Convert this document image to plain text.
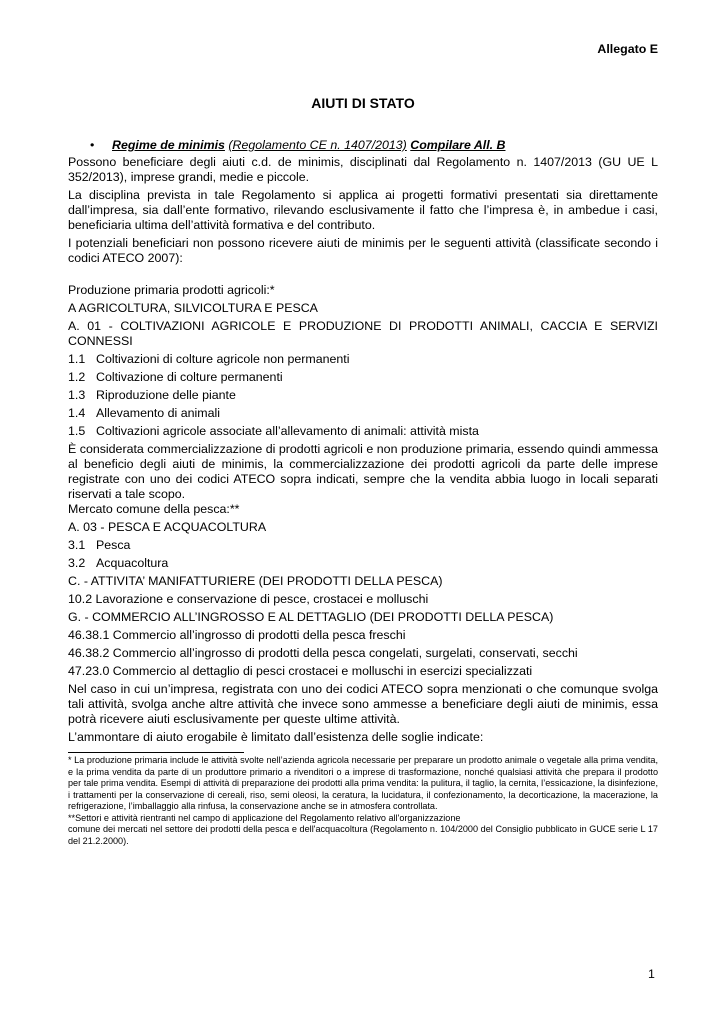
Allegato E
AIUTI DI STATO
• Regime de minimis (Regolamento CE n. 1407/2013) Compilare All. B

Possono beneficiare degli aiuti c.d. de minimis, disciplinati dal Regolamento n. 1407/2013 (GU UE L 352/2013), imprese grandi, medie e piccole.

La disciplina prevista in tale Regolamento si applica ai progetti formativi presentati sia direttamente dall’impresa, sia dall’ente formativo, rilevando esclusivamente il fatto che l’impresa è, in ambedue i casi, beneficiaria ultima dell’attività formativa e del contributo.

I potenziali beneficiari non possono ricevere aiuti de minimis per le seguenti attività (classificate secondo i codici ATECO 2007):

Produzione primaria prodotti agricoli:*

A AGRICOLTURA, SILVICOLTURA E PESCA

A. 01 - COLTIVAZIONI AGRICOLE E PRODUZIONE DI PRODOTTI ANIMALI, CACCIA E SERVIZI CONNESSI

1.1 Coltivazioni di colture agricole non permanenti

1.2 Coltivazione di colture permanenti

1.3 Riproduzione delle piante

1.4 Allevamento di animali

1.5 Coltivazioni agricole associate all’allevamento di animali: attività mista

È considerata commercializzazione di prodotti agricoli e non produzione primaria, essendo quindi ammessa al beneficio degli aiuti de minimis, la commercializzazione dei prodotti agricoli da parte delle imprese registrate con uno dei codici ATECO sopra indicati, sempre che la vendita abbia luogo in locali separati riservati a tale scopo.

Mercato comune della pesca:**

A. 03 - PESCA E ACQUACOLTURA

3.1 Pesca

3.2 Acquacoltura

C. - ATTIVITA’ MANIFATTURIERE (DEI PRODOTTI DELLA PESCA)

10.2 Lavorazione e conservazione di pesce, crostacei e molluschi

G. - COMMERCIO ALL’INGROSSO E AL DETTAGLIO (DEI PRODOTTI DELLA PESCA)

46.38.1 Commercio all’ingrosso di prodotti della pesca freschi

46.38.2 Commercio all’ingrosso di prodotti della pesca congelati, surgelati, conservati, secchi

47.23.0 Commercio al dettaglio di pesci crostacei e molluschi in esercizi specializzati

Nel caso in cui un’impresa, registrata con uno dei codici ATECO sopra menzionati o che comunque svolga tali attività, svolga anche altre attività che invece sono ammesse a beneficiare degli aiuti de minimis, essa potrà ricevere aiuti esclusivamente per queste ultime attività.

L’ammontare di aiuto erogabile è limitato dall’esistenza delle soglie indicate:

* La produzione primaria include le attività svolte nell’azienda agricola necessarie per preparare un prodotto animale o vegetale alla prima vendita, e la prima vendita da parte di un produttore primario a rivenditori o a imprese di trasformazione, nonché qualsiasi attività che prepara il prodotto per tale prima vendita. Esempi di attività di preparazione dei prodotti alla prima vendita: la pulitura, il taglio, la cernita, l’essicazione, la disinfezione, i trattamenti per la conservazione di cereali, riso, semi oleosi, la ceratura, la lucidatura, il confezionamento, la decorticazione, la macerazione, la refrigerazione, l’imballaggio alla rinfusa, la conservazione anche se in atmosfera controllata.

**Settori e attività rientranti nel campo di applicazione del Regolamento relativo all'organizzazione

comune dei mercati nel settore dei prodotti della pesca e dell'acquacoltura (Regolamento n. 104/2000 del Consiglio pubblicato in GUCE serie L 17 del 21.2.2000).

1
